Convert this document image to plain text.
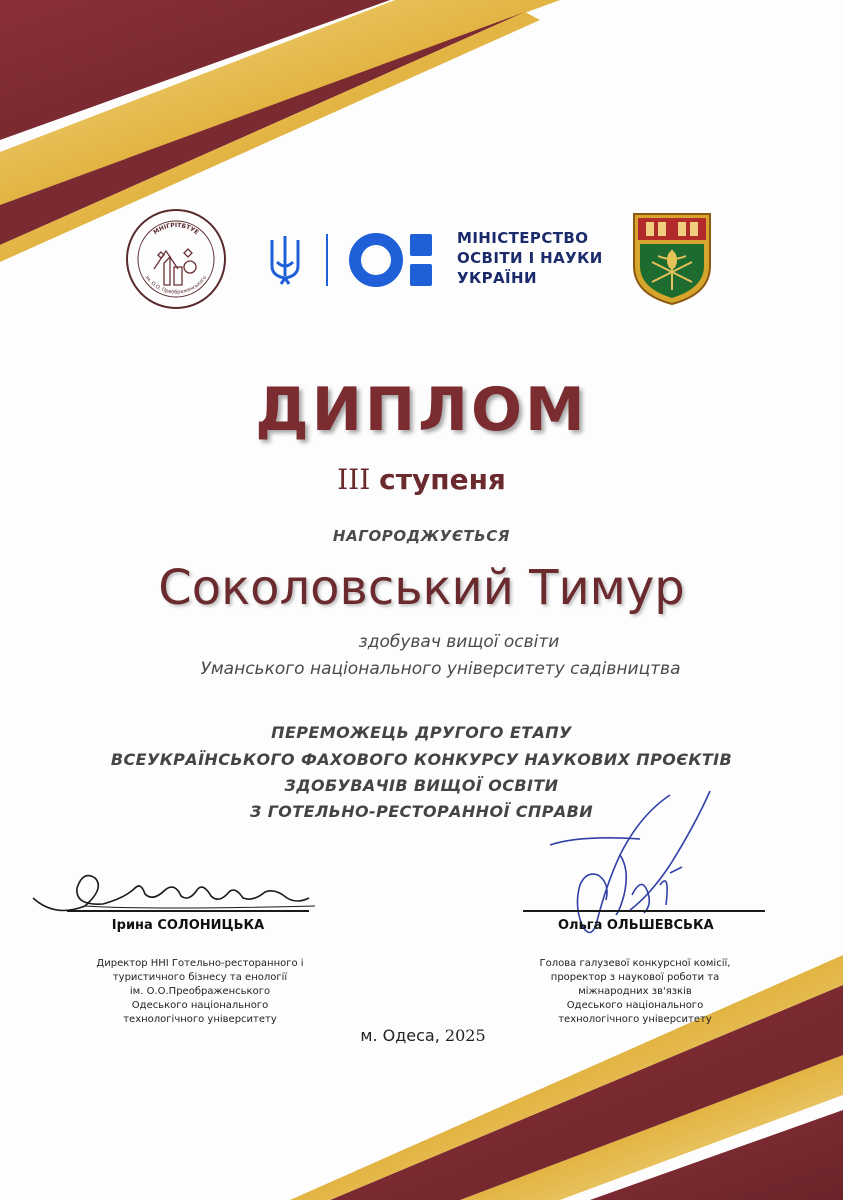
МНІГРІТБТУЕ
ім. О.О. Преображенського
МІНІСТЕРСТВО
ОСВІТИ І НАУКИ
УКРАЇНИ
ДИПЛОМ
III ступеня
НАГОРОДЖУЄТЬСЯ
Соколовський Тимур
здобувач вищої освіти
Уманського національного університету садівництва
ПЕРЕМОЖЕЦЬ ДРУГОГО ЕТАПУ
ВСЕУКРАЇНСЬКОГО ФАХОВОГО КОНКУРСУ НАУКОВИХ ПРОЄКТІВ
ЗДОБУВАЧІВ ВИЩОЇ ОСВІТИ
З ГОТЕЛЬНО-РЕСТОРАННОЇ СПРАВИ
Ірина СОЛОНИЦЬКА
Директор ННІ Готельно-ресторанного і
туристичного бізнесу та енології
ім. О.О.Преображенського
Одеського національного
технологічного університету
Ольга ОЛЬШЕВСЬКА
Голова галузевої конкурсної комісії,
проректор з наукової роботи та
міжнародних зв'язків
Одеського національного
технологічного університету
м. Одеса, 2025
